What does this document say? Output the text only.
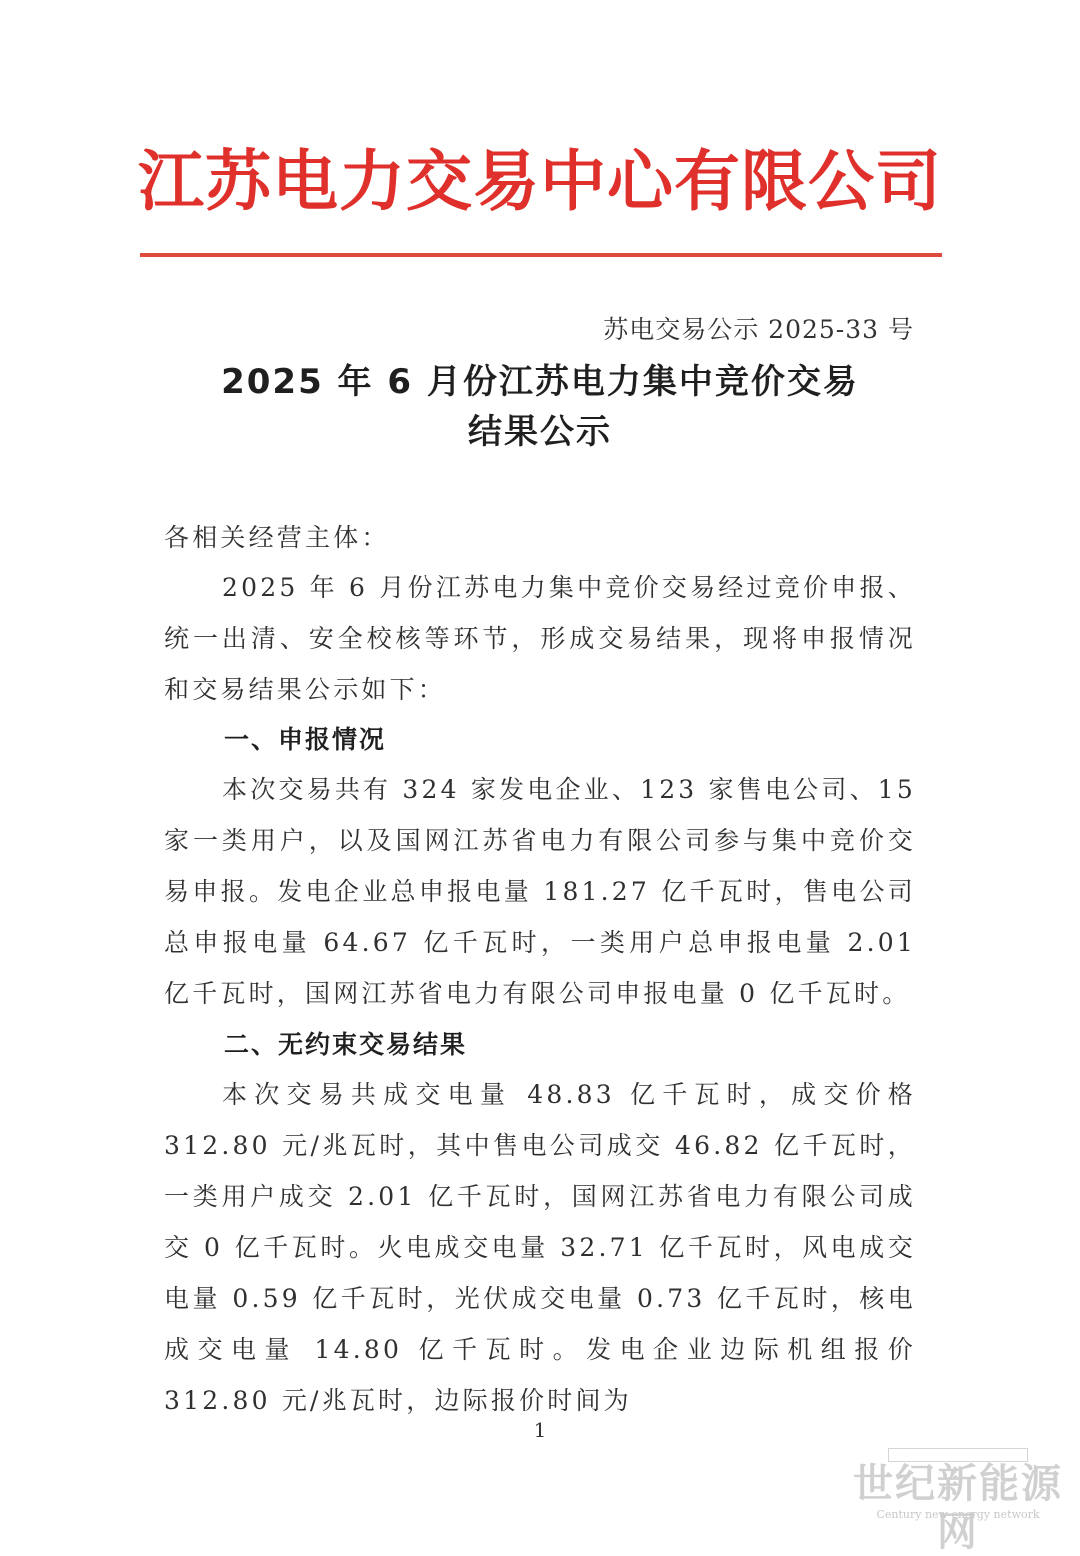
江苏电力交易中心有限公司
苏电交易公示 2025-33 号
2025 年 6 月份江苏电力集中竞价交易
结果公示
各相关经营主体：
2025 年 6 月份江苏电力集中竞价交易经过竞价申报、统一出清、安全校核等环节，形成交易结果，现将申报情况和交易结果公示如下：
一、申报情况
本次交易共有 324 家发电企业、123 家售电公司、15 家一类用户，以及国网江苏省电力有限公司参与集中竞价交易申报。发电企业总申报电量 181.27 亿千瓦时，售电公司总申报电量 64.67 亿千瓦时，一类用户总申报电量 2.01 亿千瓦时，国网江苏省电力有限公司申报电量 0 亿千瓦时。
二、无约束交易结果
本次交易共成交电量 48.83 亿千瓦时，成交价格 312.80 元/兆瓦时，其中售电公司成交 46.82 亿千瓦时，一类用户成交 2.01 亿千瓦时，国网江苏省电力有限公司成交 0 亿千瓦时。火电成交电量 32.71 亿千瓦时，风电成交电量 0.59 亿千瓦时，光伏成交电量 0.73 亿千瓦时，核电成交电量 14.80 亿千瓦时。发电企业边际机组报价 312.80 元/兆瓦时，边际报价时间为
1
世纪新能源网
Century new energy network
